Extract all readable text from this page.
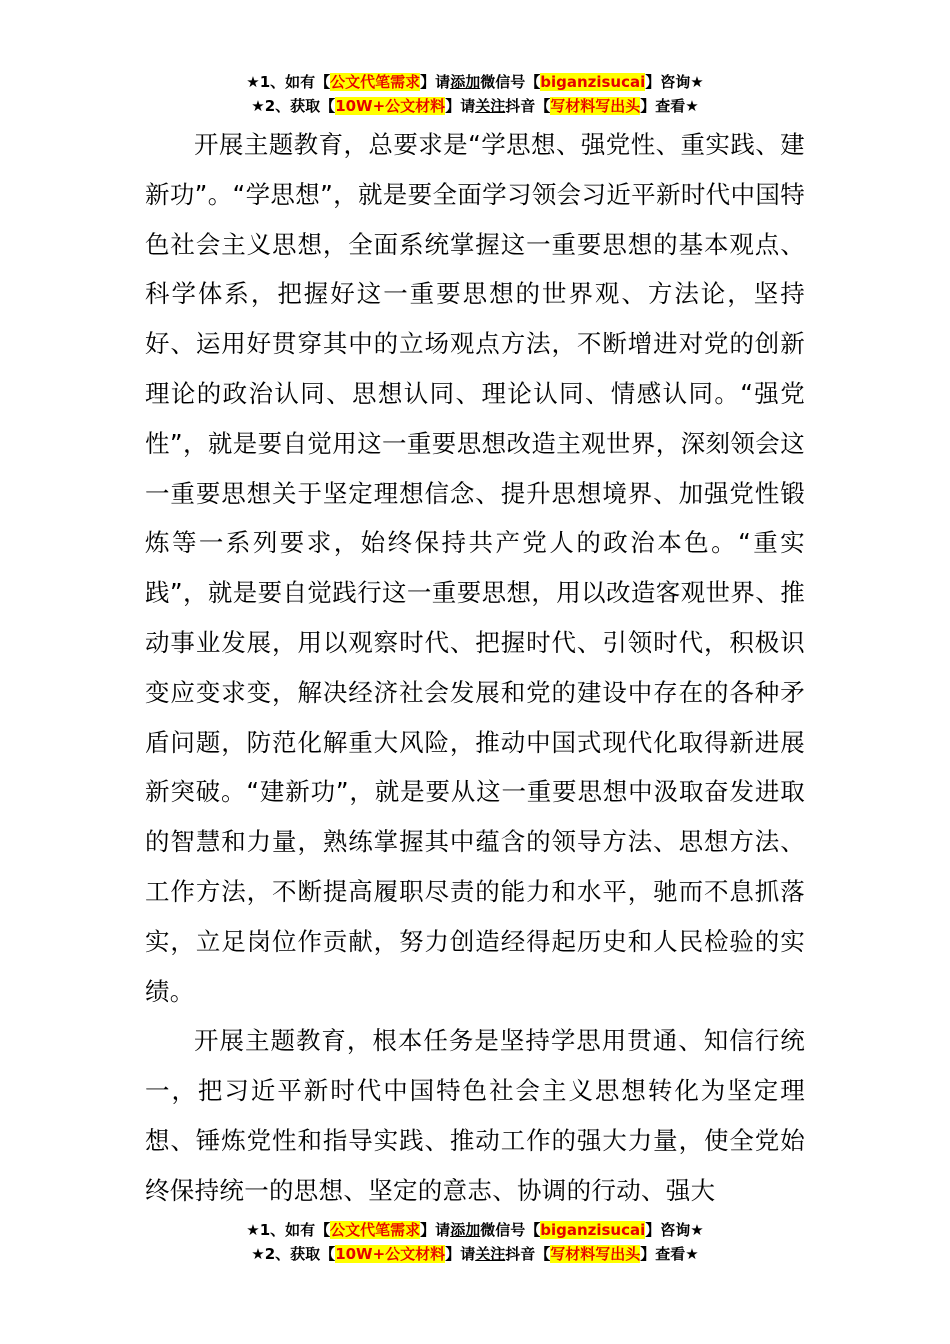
★1、如有【公文代笔需求】请添加微信号【biganzisucai】咨询★
★2、获取【10W+公文材料】请关注抖音【写材料写出头】查看★

开展主题教育，总要求是“学思想、强党性、重实践、建新功”。“学思想”，就是要全面学习领会习近平新时代中国特色社会主义思想，全面系统掌握这一重要思想的基本观点、科学体系，把握好这一重要思想的世界观、方法论，坚持好、运用好贯穿其中的立场观点方法，不断增进对党的创新理论的政治认同、思想认同、理论认同、情感认同。“强党性”，就是要自觉用这一重要思想改造主观世界，深刻领会这一重要思想关于坚定理想信念、提升思想境界、加强党性锻炼等一系列要求，始终保持共产党人的政治本色。“重实践”，就是要自觉践行这一重要思想，用以改造客观世界、推动事业发展，用以观察时代、把握时代、引领时代，积极识变应变求变，解决经济社会发展和党的建设中存在的各种矛盾问题，防范化解重大风险，推动中国式现代化取得新进展新突破。“建新功”，就是要从这一重要思想中汲取奋发进取的智慧和力量，熟练掌握其中蕴含的领导方法、思想方法、工作方法，不断提高履职尽责的能力和水平，驰而不息抓落实，立足岗位作贡献，努力创造经得起历史和人民检验的实绩。

开展主题教育，根本任务是坚持学思用贯通、知信行统一，把习近平新时代中国特色社会主义思想转化为坚定理想、锤炼党性和指导实践、推动工作的强大力量，使全党始终保持统一的思想、坚定的意志、协调的行动、强大

★1、如有【公文代笔需求】请添加微信号【biganzisucai】咨询★
★2、获取【10W+公文材料】请关注抖音【写材料写出头】查看★
